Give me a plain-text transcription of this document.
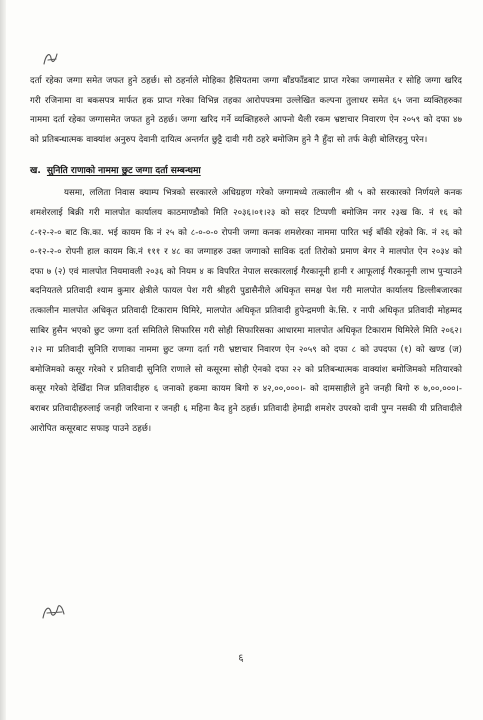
दर्ता रहेका जग्गा समेत जफत हुने ठहर्छ। सो ठहर्नाले मोहिका हैसियतमा जग्गा बाँडफाँडबाट प्राप्त गरेका जग्गासमेत र सोहि जग्गा खरिद गरी रजिनामा वा बकसपत्र मार्फत हक प्राप्त गरेका विभिन्न तहका आरोपपत्रमा उल्लेखित कल्पना तुलाधर समेत ६५ जना व्यक्तिहरुका नाममा दर्ता रहेका जग्गासमेत जफत हुने ठहर्छ। जग्गा खरिद गर्ने व्यक्तिहरुले आफ्नो थैली रकम भ्रष्टाचार निवारण ऐन २०५९ को दफा ४७ को प्रतिबन्धात्मक वाक्यांश अनुरुप देवानी दायित्व अन्तर्गत छुट्टै दावी गरी ठहरे बमोजिम हुने नै हुँदा सो तर्फ केही बोलिरहनु परेन।

ख. सुनिति राणाको नाममा छुट जग्गा दर्ता सम्बन्धमा

यसमा, ललिता निवास क्याम्प भित्रको सरकारले अधिग्रहण गरेको जग्गामध्ये तत्कालीन श्री ५ को सरकारको निर्णयले कनक शमशेरलाई बिक्री गरी मालपोत कार्यालय काठमाण्डौको मिति २०३६।०१।२३ को सदर टिप्पणी बमोजिम नगर २३ख कि. नं १६ को ८-१२-२-० बाट कि.का. भई कायम कि नं २५ को ८-०-०-० रोपनी जग्गा कनक शमशेरका नाममा पारित भई बाँकी रहेको कि. नं २६ को ०-१२-२-० रोपनी हाल कायम कि.नं १११ र ४८ का जग्गाहरु उक्त जग्गाको साविक दर्ता तिरोको प्रमाण बेगर ने मालपोत ऐन २०३४ को दफा ७ (२) एवं मालपोत नियमावली २०३६ को नियम ४ क विपरित नेपाल सरकारलाई गैरकानूनी हानी र आफूलाई गैरकानूनी लाभ पुऱ्याउने बदनियतले प्रतिवादी श्याम कुमार क्षेत्रीले फायल पेश गरी श्रीहरी पुडासैनीले अधिकृत समक्ष पेश गरी मालपोत कार्यालय डिल्लीबजारका तत्कालीन मालपोत अधिकृत प्रतिवादी टिकाराम घिमिरे, मालपोत अधिकृत प्रतिवादी हुपेन्द्रमणी के.सि. र नापी अधिकृत प्रतिवादी मोहम्मद साबिर हुसैन भएको छुट जग्गा दर्ता समितिले सिफारिस गरी सोही सिफारिसका आधारमा मालपोत अधिकृत टिकाराम घिमिरेले मिति २०६२।२।२ मा प्रतिवादी सुनिति राणाका नाममा छुट जग्गा दर्ता गरी भ्रष्टाचार निवारण ऐन २०५९ को दफा ८ को उपदफा (१) को खण्ड (ज) बमोजिमको कसूर गरेको र प्रतिवादी सुनिति राणाले सो कसूरमा सोही ऐनको दफा २२ को प्रतिबन्धात्मक वाक्यांश बमोजिमको मतियारको कसूर गरेको देखिँदा निज प्रतिवादीहरु ६ जनाको हकमा कायम बिगो रु ४२,००,०००।- को दामसाहीले हुने जनही बिगो रु ७,००,०००।- बराबर प्रतिवादीहरुलाई जनही जरिवाना र जनही ६ महिना कैद हुने ठहर्छ। प्रतिवादी हेमाद्री शमशेर उपरको दावी पुग्न नसकी यी प्रतिवादीले आरोपित कसूरबाट सफाइ पाउने ठहर्छ।

६
